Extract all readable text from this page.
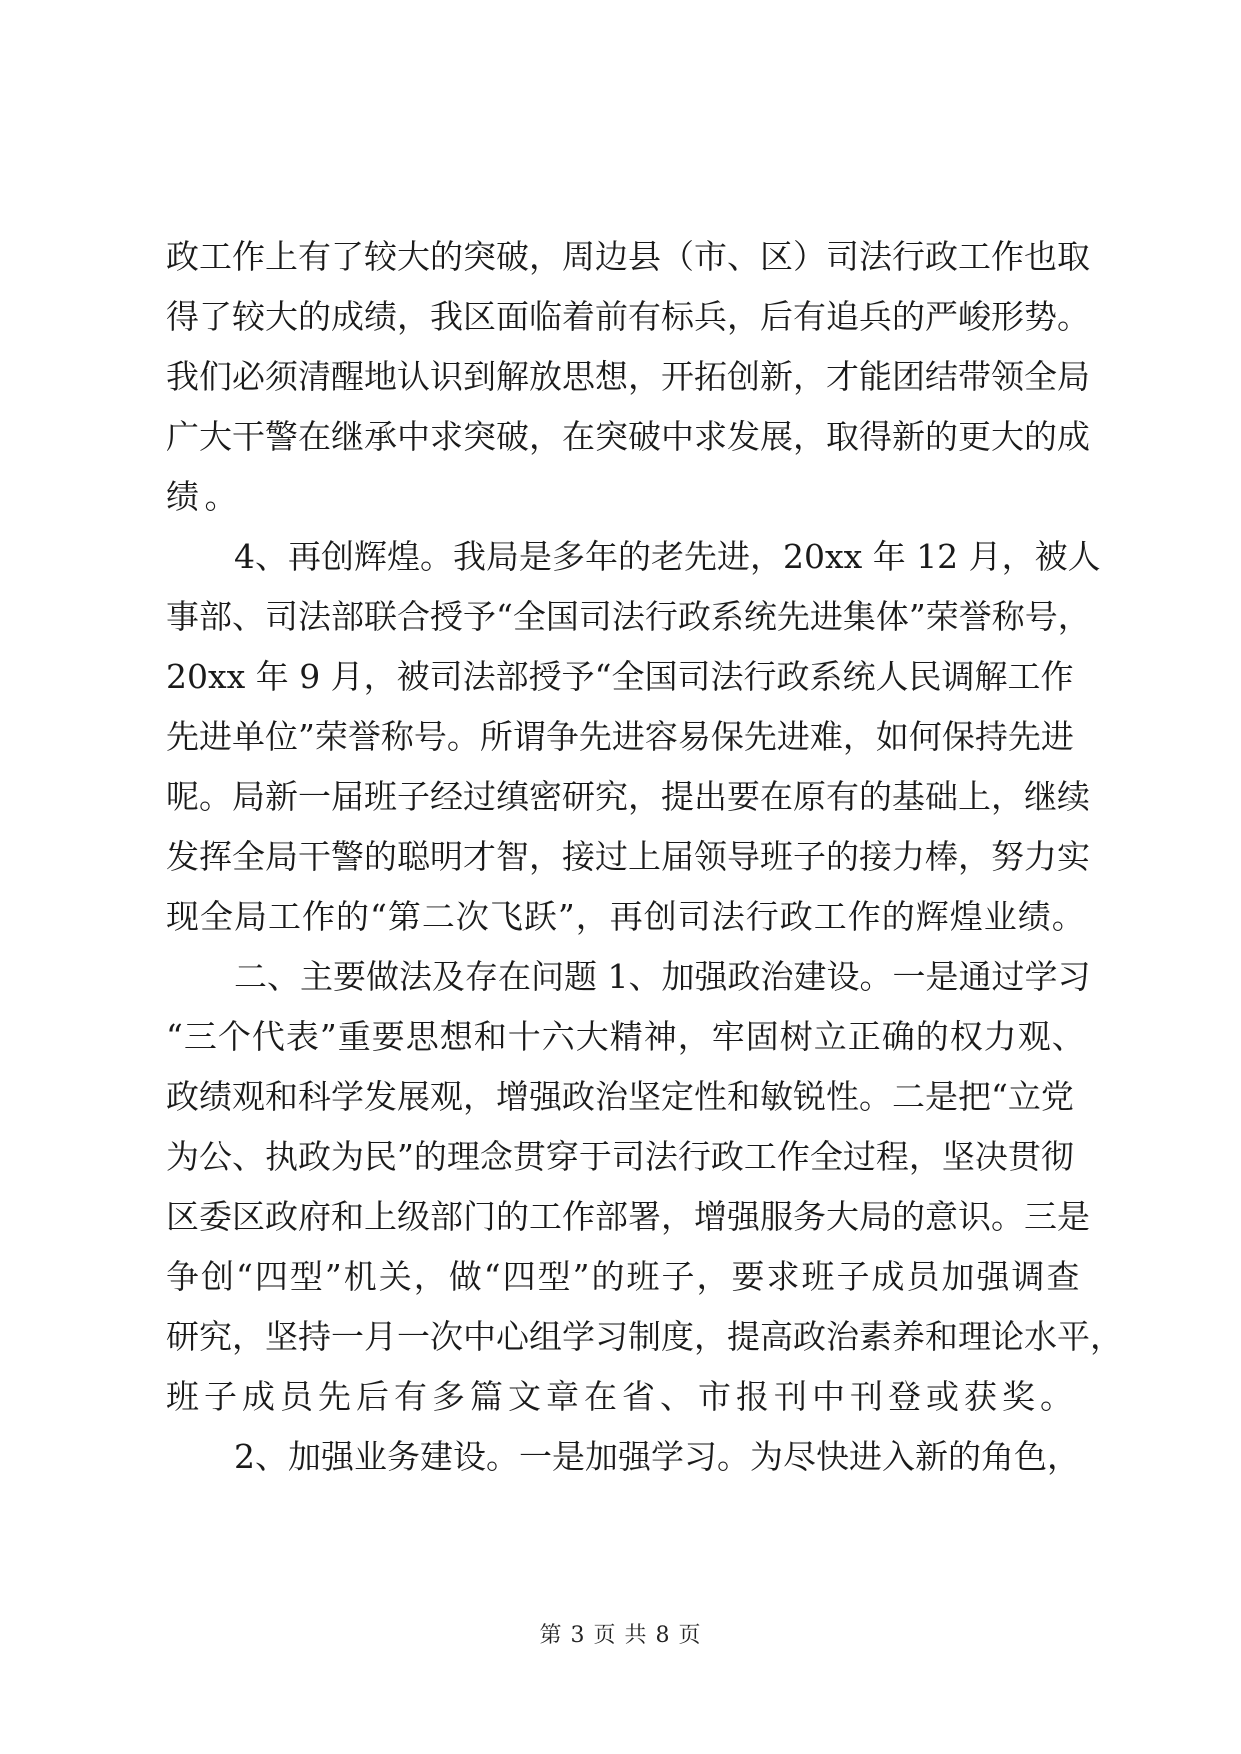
政工作上有了较大的突破，周边县（市、区）司法行政工作也取
得了较大的成绩，我区面临着前有标兵，后有追兵的严峻形势。
我们必须清醒地认识到解放思想，开拓创新，才能团结带领全局
广大干警在继承中求突破，在突破中求发展，取得新的更大的成
绩。
4、再创辉煌。我局是多年的老先进，20xx 年 12 月，被人
事部、司法部联合授予“全国司法行政系统先进集体”荣誉称号，
20xx 年 9 月，被司法部授予“全国司法行政系统人民调解工作
先进单位”荣誉称号。所谓争先进容易保先进难，如何保持先进
呢。局新一届班子经过缜密研究，提出要在原有的基础上，继续
发挥全局干警的聪明才智，接过上届领导班子的接力棒，努力实
现全局工作的“第二次飞跃”，再创司法行政工作的辉煌业绩。
二、主要做法及存在问题 1、加强政治建设。一是通过学习
“三个代表”重要思想和十六大精神，牢固树立正确的权力观、
政绩观和科学发展观，增强政治坚定性和敏锐性。二是把“立党
为公、执政为民”的理念贯穿于司法行政工作全过程，坚决贯彻
区委区政府和上级部门的工作部署，增强服务大局的意识。三是
争创“四型”机关，做“四型”的班子，要求班子成员加强调查
研究，坚持一月一次中心组学习制度，提高政治素养和理论水平，
班子成员先后有多篇文章在省、市报刊中刊登或获奖。
2、加强业务建设。一是加强学习。为尽快进入新的角色，
第 3 页 共 8 页
